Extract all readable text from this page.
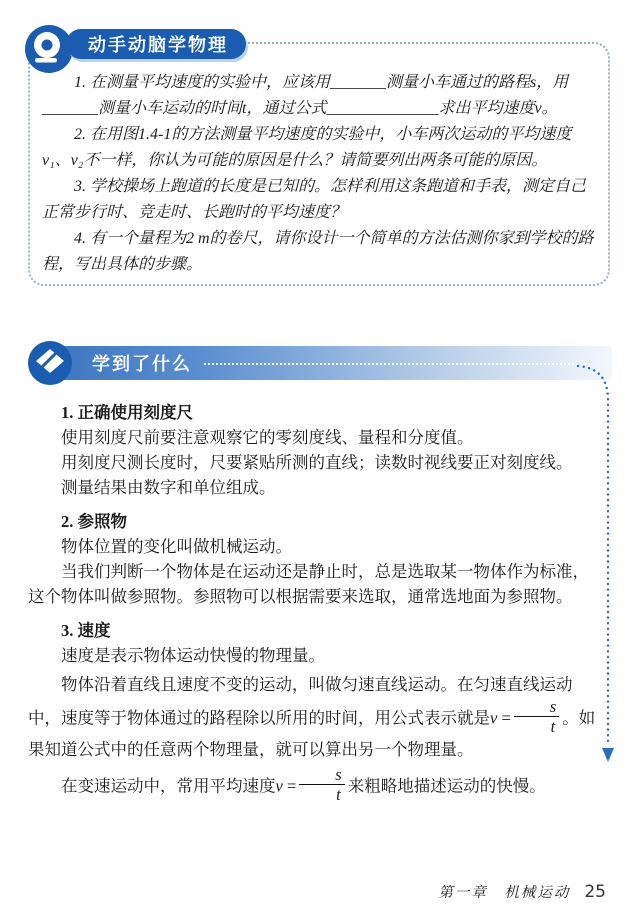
动手动脑学物理

1. 在测量平均速度的实验中，应该用_______测量小车通过的路程s，用_______测量小车运动的时间t，通过公式______________求出平均速度v。

2. 在用图1.4-1的方法测量平均速度的实验中，小车两次运动的平均速度v₁、v₂不一样，你认为可能的原因是什么？请简要列出两条可能的原因。

3. 学校操场上跑道的长度是已知的。怎样利用这条跑道和手表，测定自己正常步行时、竞走时、长跑时的平均速度？

4. 有一个量程为2 m的卷尺，请你设计一个简单的方法估测你家到学校的路程，写出具体的步骤。

学到了什么

1. 正确使用刻度尺

使用刻度尺前要注意观察它的零刻度线、量程和分度值。

用刻度尺测长度时，尺要紧贴所测的直线；读数时视线要正对刻度线。

测量结果由数字和单位组成。

2. 参照物

物体位置的变化叫做机械运动。

当我们判断一个物体是在运动还是静止时，总是选取某一物体作为标准，这个物体叫做参照物。参照物可以根据需要来选取，通常选地面为参照物。

3. 速度

速度是表示物体运动快慢的物理量。

物体沿着直线且速度不变的运动，叫做匀速直线运动。在匀速直线运动中，速度等于物体通过的路程除以所用的时间，用公式表示就是$v = \frac{s}{t}$ 。如果知道公式中的任意两个物理量，就可以算出另一个物理量。

在变速运动中，常用平均速度$v = \frac{s}{t}$ 来粗略地描述运动的快慢。

第一章　机械运动 25
